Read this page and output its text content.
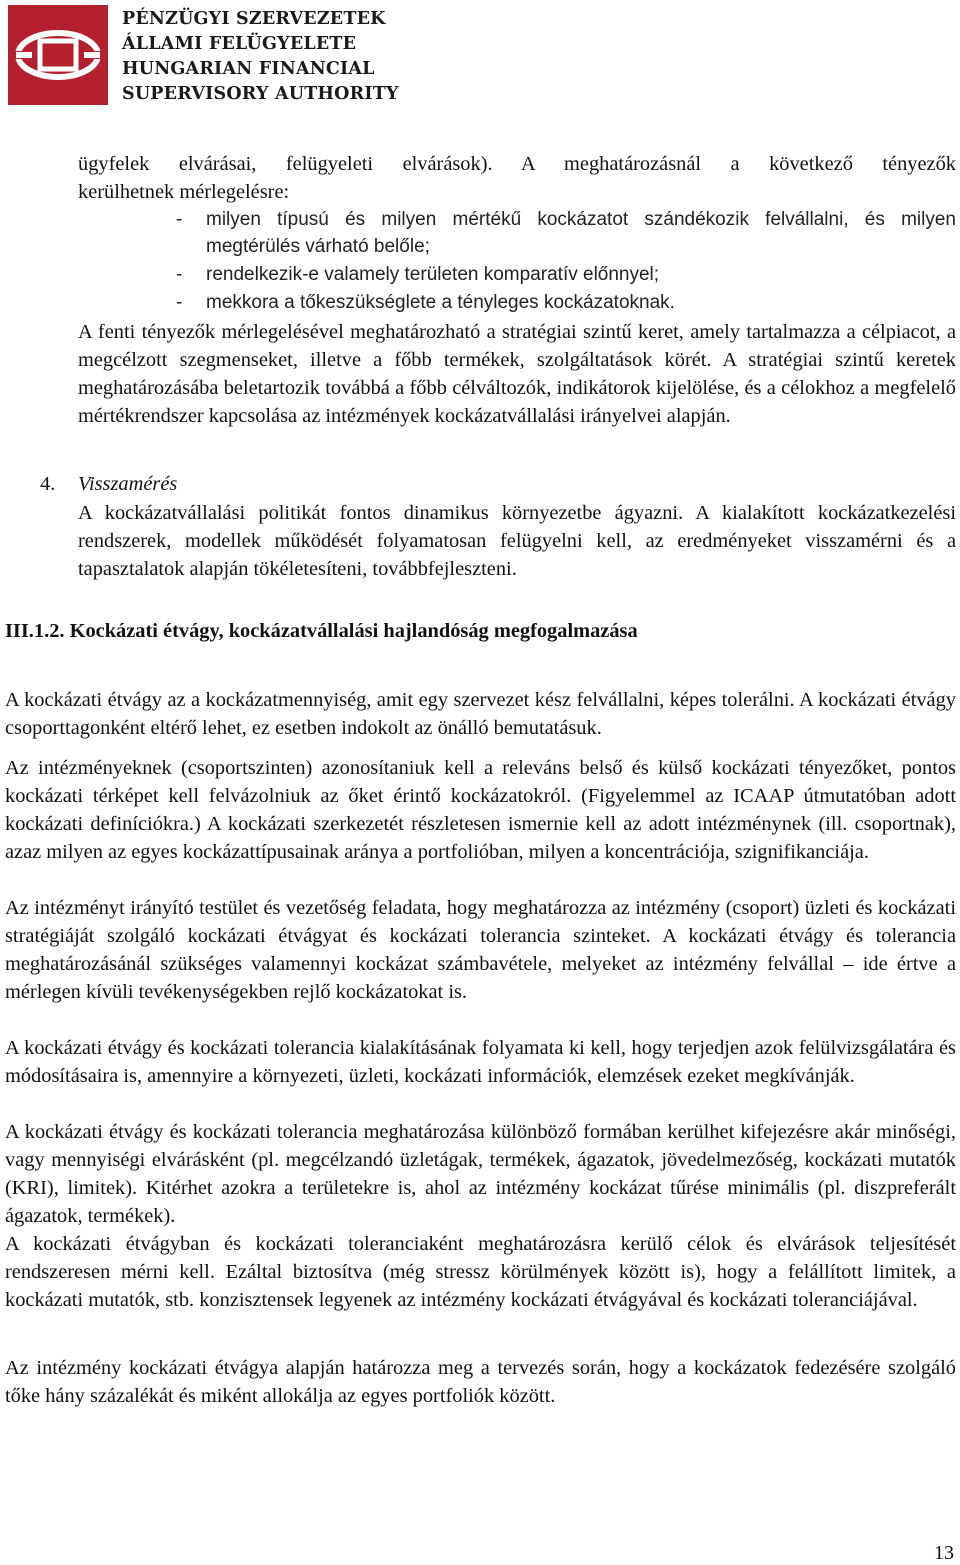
PÉNZÜGYI SZERVEZETEK
ÁLLAMI FELÜGYELETE
HUNGARIAN FINANCIAL
SUPERVISORY AUTHORITY

ügyfelek elvárásai, felügyeleti elvárások). A meghatározásnál a következő tényezők

kerülhetnek mérlegelésre:

- milyen típusú és milyen mértékű kockázatot szándékozik felvállalni, és milyen megtérülés várható belőle;
- rendelkezik-e valamely területen komparatív előnnyel;
- mekkora a tőkeszükséglete a tényleges kockázatoknak.

A fenti tényezők mérlegelésével meghatározható a stratégiai szintű keret, amely tartalmazza a célpiacot, a megcélzott szegmenseket, illetve a főbb termékek, szolgáltatások körét. A stratégiai szintű keretek meghatározásába beletartozik továbbá a főbb célváltozók, indikátorok kijelölése, és a célokhoz a megfelelő mértékrendszer kapcsolása az intézmények kockázatvállalási irányelvei alapján.

4. Visszamérés

A kockázatvállalási politikát fontos dinamikus környezetbe ágyazni. A kialakított kockázatkezelési rendszerek, modellek működését folyamatosan felügyelni kell, az eredményeket visszamérni és a tapasztalatok alapján tökéletesíteni, továbbfejleszteni.

III.1.2. Kockázati étvágy, kockázatvállalási hajlandóság megfogalmazása

A kockázati étvágy az a kockázatmennyiség, amit egy szervezet kész felvállalni, képes tolerálni. A kockázati étvágy csoporttagonként eltérő lehet, ez esetben indokolt az önálló bemutatásuk.

Az intézményeknek (csoportszinten) azonosítaniuk kell a releváns belső és külső kockázati tényezőket, pontos kockázati térképet kell felvázolniuk az őket érintő kockázatokról. (Figyelemmel az ICAAP útmutatóban adott kockázati definíciókra.) A kockázati szerkezetét részletesen ismernie kell az adott intézménynek (ill. csoportnak), azaz milyen az egyes kockázattípusainak aránya a portfolióban, milyen a koncentrációja, szignifikanciája.

Az intézményt irányító testület és vezetőség feladata, hogy meghatározza az intézmény (csoport) üzleti és kockázati stratégiáját szolgáló kockázati étvágyat és kockázati tolerancia szinteket. A kockázati étvágy és tolerancia meghatározásánál szükséges valamennyi kockázat számbavétele, melyeket az intézmény felvállal – ide értve a mérlegen kívüli tevékenységekben rejlő kockázatokat is.

A kockázati étvágy és kockázati tolerancia kialakításának folyamata ki kell, hogy terjedjen azok felülvizsgálatára és módosításaira is, amennyire a környezeti, üzleti, kockázati információk, elemzések ezeket megkívánják.

A kockázati étvágy és kockázati tolerancia meghatározása különböző formában kerülhet kifejezésre akár minőségi, vagy mennyiségi elvárásként (pl. megcélzandó üzletágak, termékek, ágazatok, jövedelmezőség, kockázati mutatók (KRI), limitek). Kitérhet azokra a területekre is, ahol az intézmény kockázat tűrése minimális (pl. diszpreferált ágazatok, termékek).

A kockázati étvágyban és kockázati toleranciaként meghatározásra kerülő célok és elvárások teljesítését rendszeresen mérni kell. Ezáltal biztosítva (még stressz körülmények között is), hogy a felállított limitek, a kockázati mutatók, stb. konzisztensek legyenek az intézmény kockázati étvágyával és kockázati toleranciájával.

Az intézmény kockázati étvágya alapján határozza meg a tervezés során, hogy a kockázatok fedezésére szolgáló tőke hány százalékát és miként allokálja az egyes portfoliók között.

13
